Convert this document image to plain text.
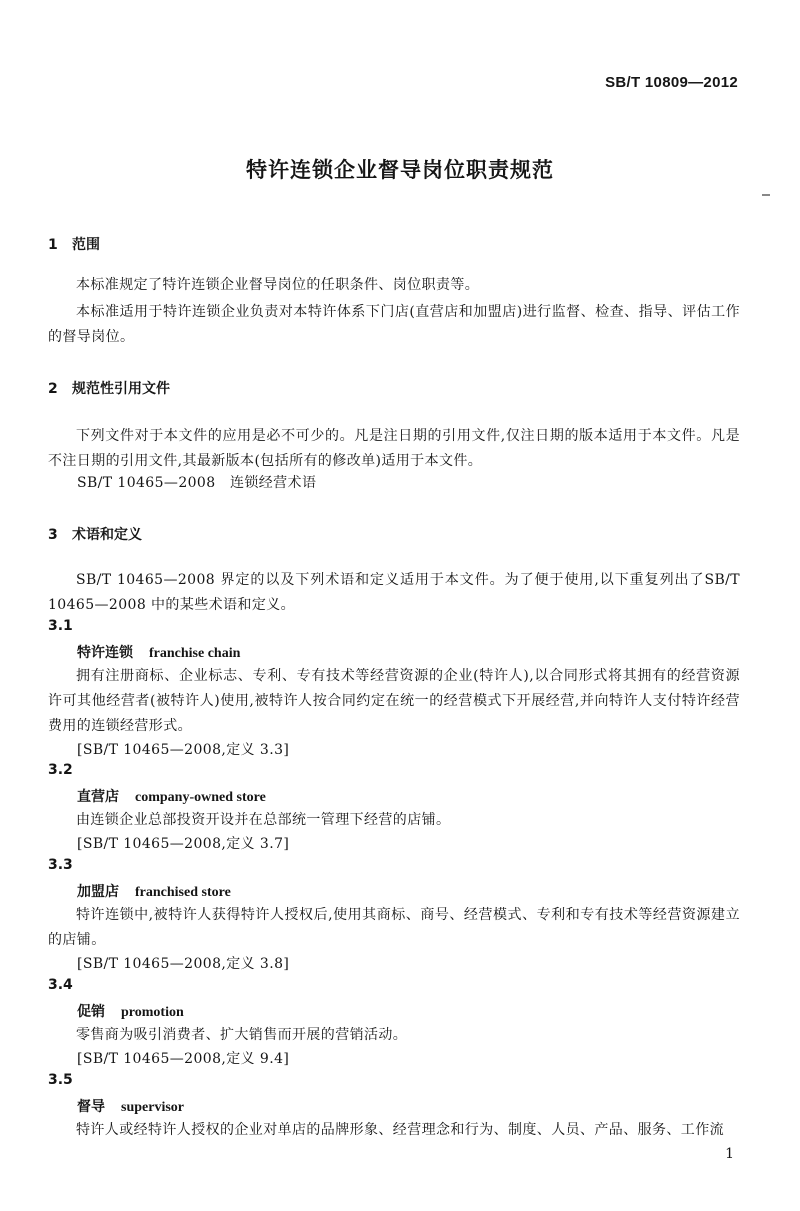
SB/T 10809—2012
特许连锁企业督导岗位职责规范
1 范围
本标准规定了特许连锁企业督导岗位的任职条件、岗位职责等。
本标准适用于特许连锁企业负责对本特许体系下门店(直营店和加盟店)进行监督、检查、指导、评估工作的督导岗位。
2 规范性引用文件
下列文件对于本文件的应用是必不可少的。凡是注日期的引用文件,仅注日期的版本适用于本文件。凡是不注日期的引用文件,其最新版本(包括所有的修改单)适用于本文件。
SB/T 10465—2008　连锁经营术语
3 术语和定义
SB/T 10465—2008 界定的以及下列术语和定义适用于本文件。为了便于使用,以下重复列出了SB/T 10465—2008 中的某些术语和定义。
3.1
特许连锁 franchise chain
拥有注册商标、企业标志、专利、专有技术等经营资源的企业(特许人),以合同形式将其拥有的经营资源许可其他经营者(被特许人)使用,被特许人按合同约定在统一的经营模式下开展经营,并向特许人支付特许经营费用的连锁经营形式。
[SB/T 10465—2008,定义 3.3]
3.2
直营店 company-owned store
由连锁企业总部投资开设并在总部统一管理下经营的店铺。
[SB/T 10465—2008,定义 3.7]
3.3
加盟店 franchised store
特许连锁中,被特许人获得特许人授权后,使用其商标、商号、经营模式、专利和专有技术等经营资源建立的店铺。
[SB/T 10465—2008,定义 3.8]
3.4
促销 promotion
零售商为吸引消费者、扩大销售而开展的营销活动。
[SB/T 10465—2008,定义 9.4]
3.5
督导 supervisor
特许人或经特许人授权的企业对单店的品牌形象、经营理念和行为、制度、人员、产品、服务、工作流
1
